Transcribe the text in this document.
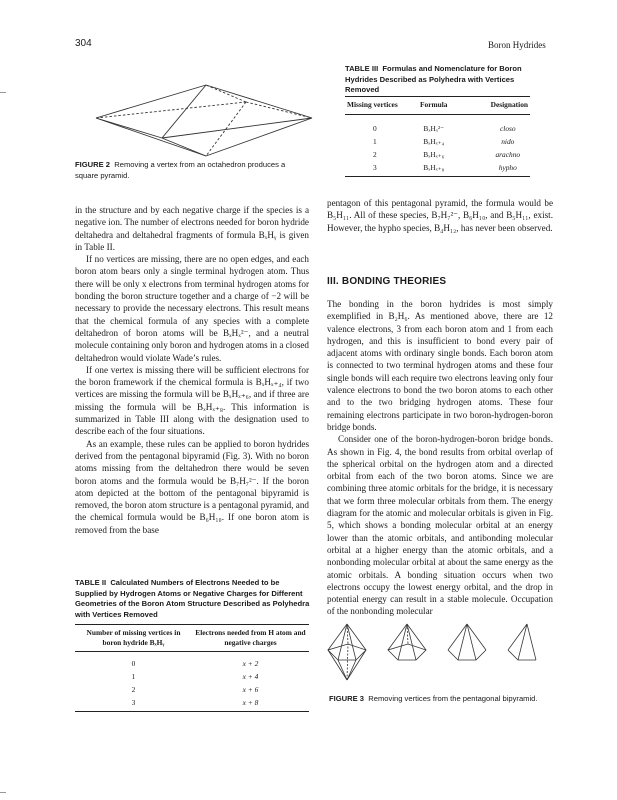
304	Boron Hydrides
FIGURE 2 Removing a vertex from an octahedron produces a square pyramid.
TABLE III Formulas and Nomenclature for Boron Hydrides Described as Polyhedra with Vertices Removed
Missing vertices	Formula	Designation

0	BₓHₓ²⁻	closo
1	BₓHₓ₊₄	nido
2	BₓHₓ₊₆	arachno
3	BₓHₓ₊₈	hypho

in the structure and by each negative charge if the species is a negative ion. The number of electrons needed for boron hydride deltahedra and deltahedral fragments of formula BₓHᵧ is given in Table II.

If no vertices are missing, there are no open edges, and each boron atom bears only a single terminal hydrogen atom. Thus there will be only x electrons from terminal hydrogen atoms for bonding the boron structure together and a charge of −2 will be necessary to provide the necessary electrons. This result means that the chemical formula of any species with a complete deltahedron of boron atoms will be BₓHₓ²⁻, and a neutral molecule containing only boron and hydrogen atoms in a closed deltahedron would violate Wade’s rules.

If one vertex is missing there will be sufficient electrons for the boron framework if the chemical formula is BₓHₓ₊₄, if two vertices are missing the formula will be BₓHₓ₊₆, and if three are missing the formula will be BₓHₓ₊₈. This information is summarized in Table III along with the designation used to describe each of the four situations.

As an example, these rules can be applied to boron hydrides derived from the pentagonal bipyramid (Fig. 3). With no boron atoms missing from the deltahedron there would be seven boron atoms and the formula would be B₇H₇²⁻. If the boron atom depicted at the bottom of the pentagonal bipyramid is removed, the boron atom structure is a pentagonal pyramid, and the chemical formula would be B₆H₁₀. If one boron atom is removed from the base

TABLE II Calculated Numbers of Electrons Needed to be Supplied by Hydrogen Atoms or Negative Charges for Different Geometries of the Boron Atom Structure Described as Polyhedra with Vertices Removed
Number of missing vertices in boron hydride BₓHᵧ	Electrons needed from H atom and negative charges

0	x + 2
1	x + 4
2	x + 6
3	x + 8

pentagon of this pentagonal pyramid, the formula would be B₅H₁₁. All of these species, B₇H₇²⁻, B₆H₁₀, and B₅H₁₁, exist. However, the hypho species, B₄H₁₂, has never been observed.

III. BONDING THEORIES

The bonding in the boron hydrides is most simply exemplified in B₂H₆. As mentioned above, there are 12 valence electrons, 3 from each boron atom and 1 from each hydrogen, and this is insufficient to bond every pair of adjacent atoms with ordinary single bonds. Each boron atom is connected to two terminal hydrogen atoms and these four single bonds will each require two electrons leaving only four valence electrons to bond the two boron atoms to each other and to the two bridging hydrogen atoms. These four remaining electrons participate in two boron-hydrogen-boron bridge bonds.

Consider one of the boron-hydrogen-boron bridge bonds. As shown in Fig. 4, the bond results from orbital overlap of the spherical orbital on the hydrogen atom and a directed orbital from each of the two boron atoms. Since we are combining three atomic orbitals for the bridge, it is necessary that we form three molecular orbitals from them. The energy diagram for the atomic and molecular orbitals is given in Fig. 5, which shows a bonding molecular orbital at an energy lower than the atomic orbitals, and antibonding molecular orbital at a higher energy than the atomic orbitals, and a nonbonding molecular orbital at about the same energy as the atomic orbitals. A bonding situation occurs when two electrons occupy the lowest energy orbital, and the drop in potential energy can result in a stable molecule. Occupation of the nonbonding molecular

FIGURE 3 Removing vertices from the pentagonal bipyramid.
